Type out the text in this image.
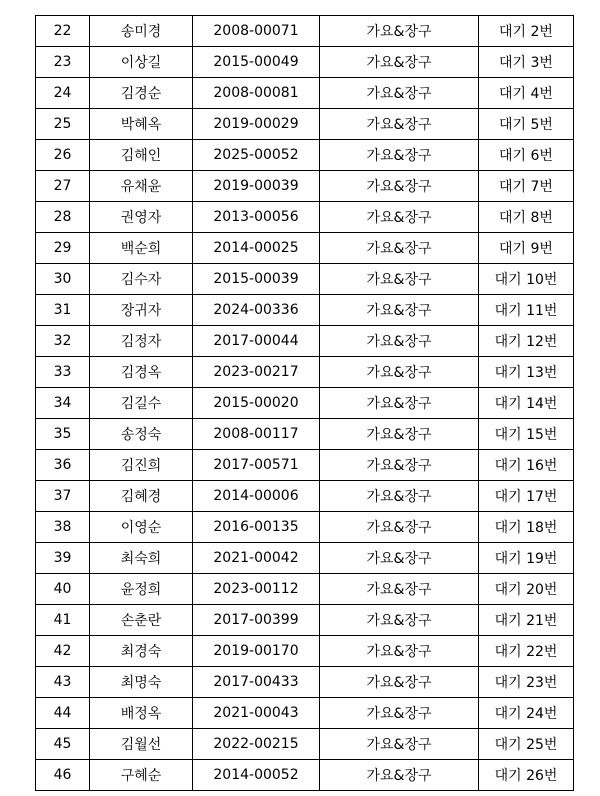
22	송미경	2008-00071	가요&장구	대기 2번
23	이상길	2015-00049	가요&장구	대기 3번
24	김경순	2008-00081	가요&장구	대기 4번
25	박혜옥	2019-00029	가요&장구	대기 5번
26	김해인	2025-00052	가요&장구	대기 6번
27	유채윤	2019-00039	가요&장구	대기 7번
28	권영자	2013-00056	가요&장구	대기 8번
29	백순희	2014-00025	가요&장구	대기 9번
30	김수자	2015-00039	가요&장구	대기 10번
31	장귀자	2024-00336	가요&장구	대기 11번
32	김정자	2017-00044	가요&장구	대기 12번
33	김경옥	2023-00217	가요&장구	대기 13번
34	김길수	2015-00020	가요&장구	대기 14번
35	송정숙	2008-00117	가요&장구	대기 15번
36	김진희	2017-00571	가요&장구	대기 16번
37	김혜경	2014-00006	가요&장구	대기 17번
38	이영순	2016-00135	가요&장구	대기 18번
39	최숙희	2021-00042	가요&장구	대기 19번
40	윤정희	2023-00112	가요&장구	대기 20번
41	손춘란	2017-00399	가요&장구	대기 21번
42	최경숙	2019-00170	가요&장구	대기 22번
43	최명숙	2017-00433	가요&장구	대기 23번
44	배정옥	2021-00043	가요&장구	대기 24번
45	김월선	2022-00215	가요&장구	대기 25번
46	구혜순	2014-00052	가요&장구	대기 26번
